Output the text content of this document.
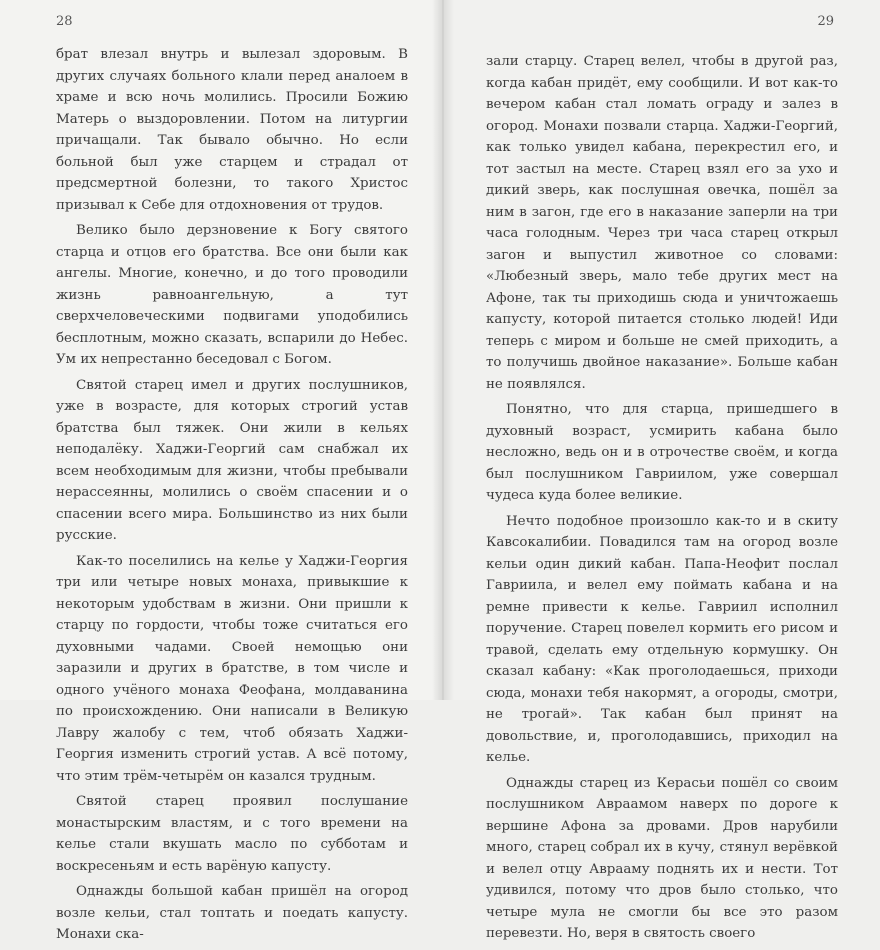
28

брат влезал внутрь и вылезал здоровым. В других случаях больного клали перед аналоем в храме и всю ночь молились. Просили Божию Матерь о выздоровлении. Потом на литургии причащали. Так бывало обычно. Но если больной был уже старцем и страдал от предсмертной болезни, то такого Христос призывал к Себе для отдохновения от трудов.

Велико было дерзновение к Богу святого старца и отцов его братства. Все они были как ангелы. Многие, конечно, и до того проводили жизнь равноангельную, а тут сверхчеловеческими подвигами уподобились бесплотным, можно сказать, вспарили до Небес. Ум их непрестанно беседовал с Богом.

Святой старец имел и других послушников, уже в возрасте, для которых строгий устав братства был тяжек. Они жили в кельях неподалёку. Хаджи-Георгий сам снабжал их всем необходимым для жизни, чтобы пребывали нерассеянны, молились о своём спасении и о спасении всего мира. Большинство из них были русские.

Как-то поселились на келье у Хаджи-Георгия три или четыре новых монаха, привыкшие к некоторым удобствам в жизни. Они пришли к старцу по гордости, чтобы тоже считаться его духовными чадами. Своей немощью они заразили и других в братстве, в том числе и одного учёного монаха Феофана, молдаванина по происхождению. Они написали в Великую Лавру жалобу с тем, чтоб обязать Хаджи-Георгия изменить строгий устав. А всё потому, что этим трём-четырём он казался трудным.

Святой старец проявил послушание монастырским властям, и с того времени на келье стали вкушать масло по субботам и воскресеньям и есть варёную капусту.

Однажды большой кабан пришёл на огород возле кельи, стал топтать и поедать капусту. Монахи ска-

29

зали старцу. Старец велел, чтобы в другой раз, когда кабан придёт, ему сообщили. И вот как-то вечером кабан стал ломать ограду и залез в огород. Монахи позвали старца. Хаджи-Георгий, как только увидел кабана, перекрестил его, и тот застыл на месте. Старец взял его за ухо и дикий зверь, как послушная овечка, пошёл за ним в загон, где его в наказание заперли на три часа голодным. Через три часа старец открыл загон и выпустил животное со словами: «Любезный зверь, мало тебе других мест на Афоне, так ты приходишь сюда и уничтожаешь капусту, которой питается столько людей! Иди теперь с миром и больше не смей приходить, а то получишь двойное наказание». Больше кабан не появлялся.

Понятно, что для старца, пришедшего в духовный возраст, усмирить кабана было несложно, ведь он и в отрочестве своём, и когда был послушником Гавриилом, уже совершал чудеса куда более великие.

Нечто подобное произошло как-то и в скиту Кавсокалибии. Повадился там на огород возле кельи один дикий кабан. Папа-Неофит послал Гавриила, и велел ему поймать кабана и на ремне привести к келье. Гавриил исполнил поручение. Старец повелел кормить его рисом и травой, сделать ему отдельную кормушку. Он сказал кабану: «Как проголодаешься, приходи сюда, монахи тебя накормят, а огороды, смотри, не трогай». Так кабан был принят на довольствие, и, проголодавшись, приходил на келье.

Однажды старец из Керасьи пошёл со своим послушником Авраамом наверх по дороге к вершине Афона за дровами. Дров нарубили много, старец собрал их в кучу, стянул верёвкой и велел отцу Аврааму поднять их и нести. Тот удивился, потому что дров было столько, что четыре мула не смогли бы все это разом перевезти. Но, веря в святость своего
